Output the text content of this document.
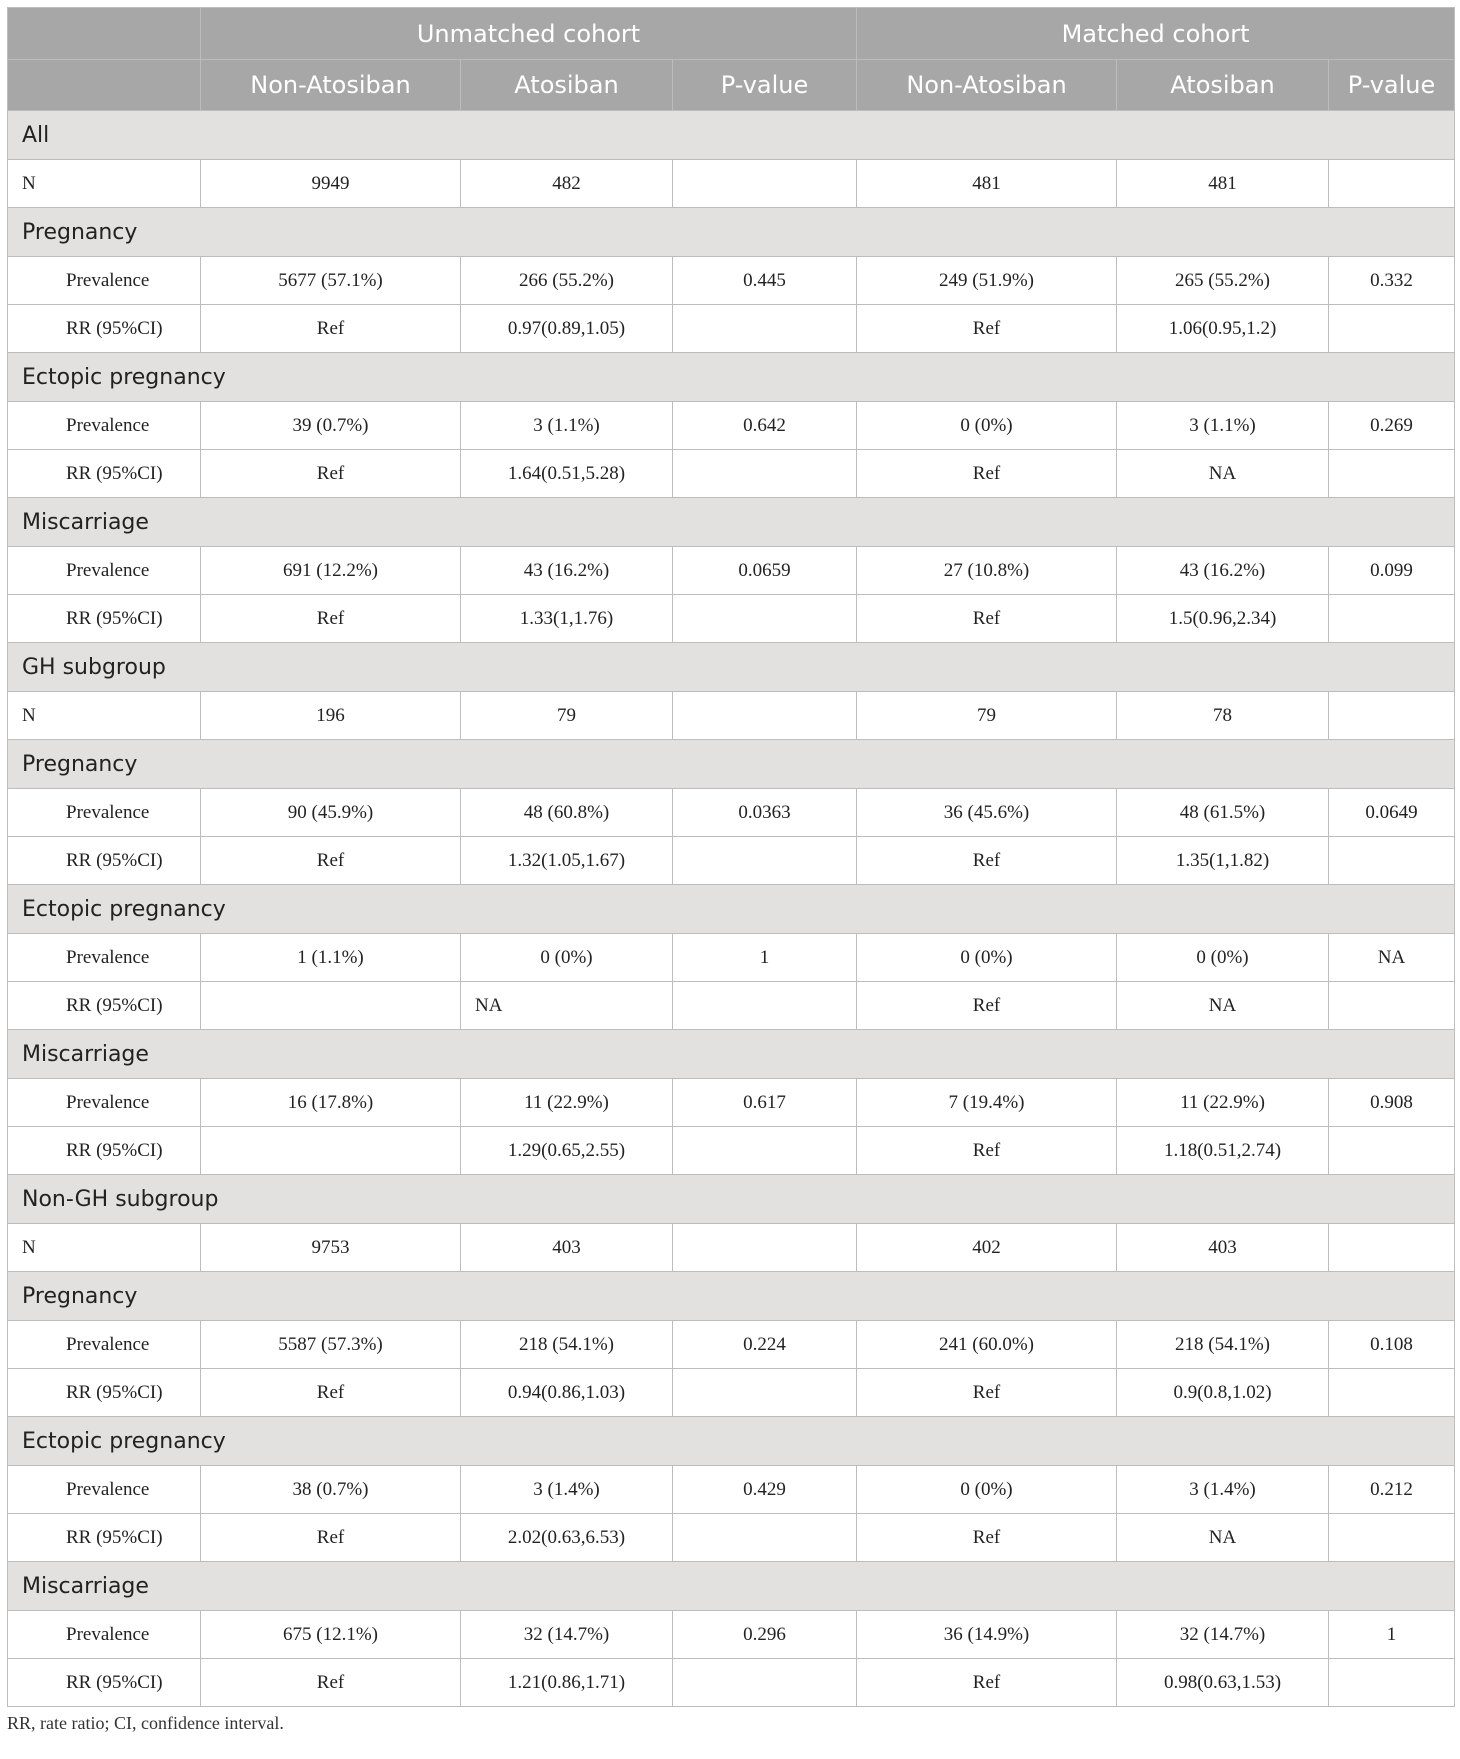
	Unmatched cohort			Matched cohort		
	Non-Atosiban	Atosiban	P-value	Non-Atosiban	Atosiban	P-value
All						
N	9949	482		481	481	
Pregnancy						
Prevalence	5677 (57.1%)	266 (55.2%)	0.445	249 (51.9%)	265 (55.2%)	0.332
RR (95%CI)	Ref	0.97(0.89,1.05)		Ref	1.06(0.95,1.2)	
Ectopic pregnancy						
Prevalence	39 (0.7%)	3 (1.1%)	0.642	0 (0%)	3 (1.1%)	0.269
RR (95%CI)	Ref	1.64(0.51,5.28)		Ref	NA	
Miscarriage						
Prevalence	691 (12.2%)	43 (16.2%)	0.0659	27 (10.8%)	43 (16.2%)	0.099
RR (95%CI)	Ref	1.33(1,1.76)		Ref	1.5(0.96,2.34)	
GH subgroup						
N	196	79		79	78	
Pregnancy						
Prevalence	90 (45.9%)	48 (60.8%)	0.0363	36 (45.6%)	48 (61.5%)	0.0649
RR (95%CI)	Ref	1.32(1.05,1.67)		Ref	1.35(1,1.82)	
Ectopic pregnancy						
Prevalence	1 (1.1%)	0 (0%)	1	0 (0%)	0 (0%)	NA
RR (95%CI)		NA		Ref	NA	
Miscarriage						
Prevalence	16 (17.8%)	11 (22.9%)	0.617	7 (19.4%)	11 (22.9%)	0.908
RR (95%CI)		1.29(0.65,2.55)		Ref	1.18(0.51,2.74)	
Non-GH subgroup						
N	9753	403		402	403	
Pregnancy						
Prevalence	5587 (57.3%)	218 (54.1%)	0.224	241 (60.0%)	218 (54.1%)	0.108
RR (95%CI)	Ref	0.94(0.86,1.03)		Ref	0.9(0.8,1.02)	
Ectopic pregnancy						
Prevalence	38 (0.7%)	3 (1.4%)	0.429	0 (0%)	3 (1.4%)	0.212
RR (95%CI)	Ref	2.02(0.63,6.53)		Ref	NA	
Miscarriage						
Prevalence	675 (12.1%)	32 (14.7%)	0.296	36 (14.9%)	32 (14.7%)	1
RR (95%CI)	Ref	1.21(0.86,1.71)		Ref	0.98(0.63,1.53)	
RR, rate ratio; CI, confidence interval.
